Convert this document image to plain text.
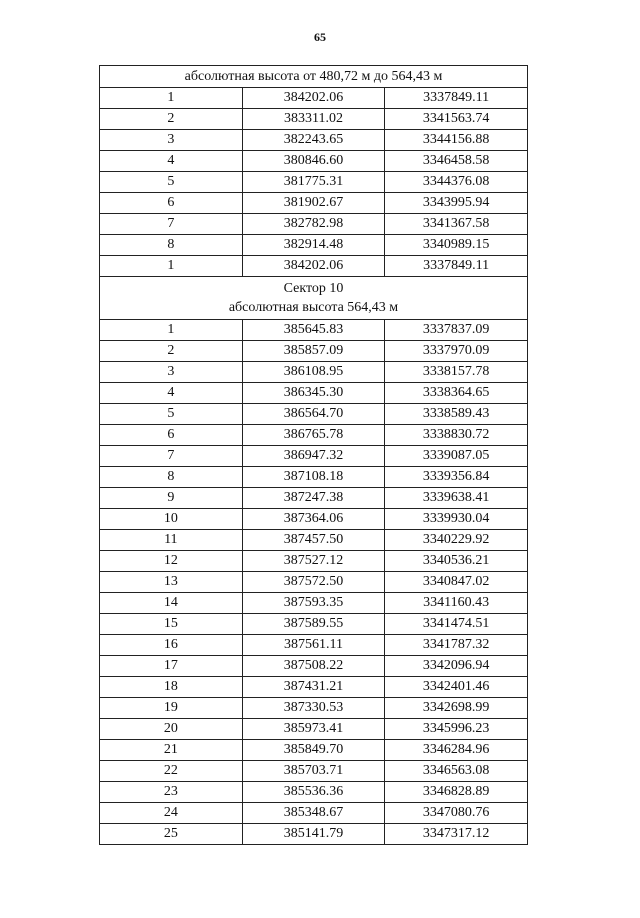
65
абсолютная высота от 480,72 м до 564,43 м		

1	384202.06	3337849.11
2	383311.02	3341563.74
3	382243.65	3344156.88
4	380846.60	3346458.58
5	381775.31	3344376.08
6	381902.67	3343995.94
7	382782.98	3341367.58
8	382914.48	3340989.15
1	384202.06	3337849.11

Сектор 10
абсолютная высота 564,43 м		

1	385645.83	3337837.09
2	385857.09	3337970.09
3	386108.95	3338157.78
4	386345.30	3338364.65
5	386564.70	3338589.43
6	386765.78	3338830.72
7	386947.32	3339087.05
8	387108.18	3339356.84
9	387247.38	3339638.41
10	387364.06	3339930.04
11	387457.50	3340229.92
12	387527.12	3340536.21
13	387572.50	3340847.02
14	387593.35	3341160.43
15	387589.55	3341474.51
16	387561.11	3341787.32
17	387508.22	3342096.94
18	387431.21	3342401.46
19	387330.53	3342698.99
20	385973.41	3345996.23
21	385849.70	3346284.96
22	385703.71	3346563.08
23	385536.36	3346828.89
24	385348.67	3347080.76
25	385141.79	3347317.12
